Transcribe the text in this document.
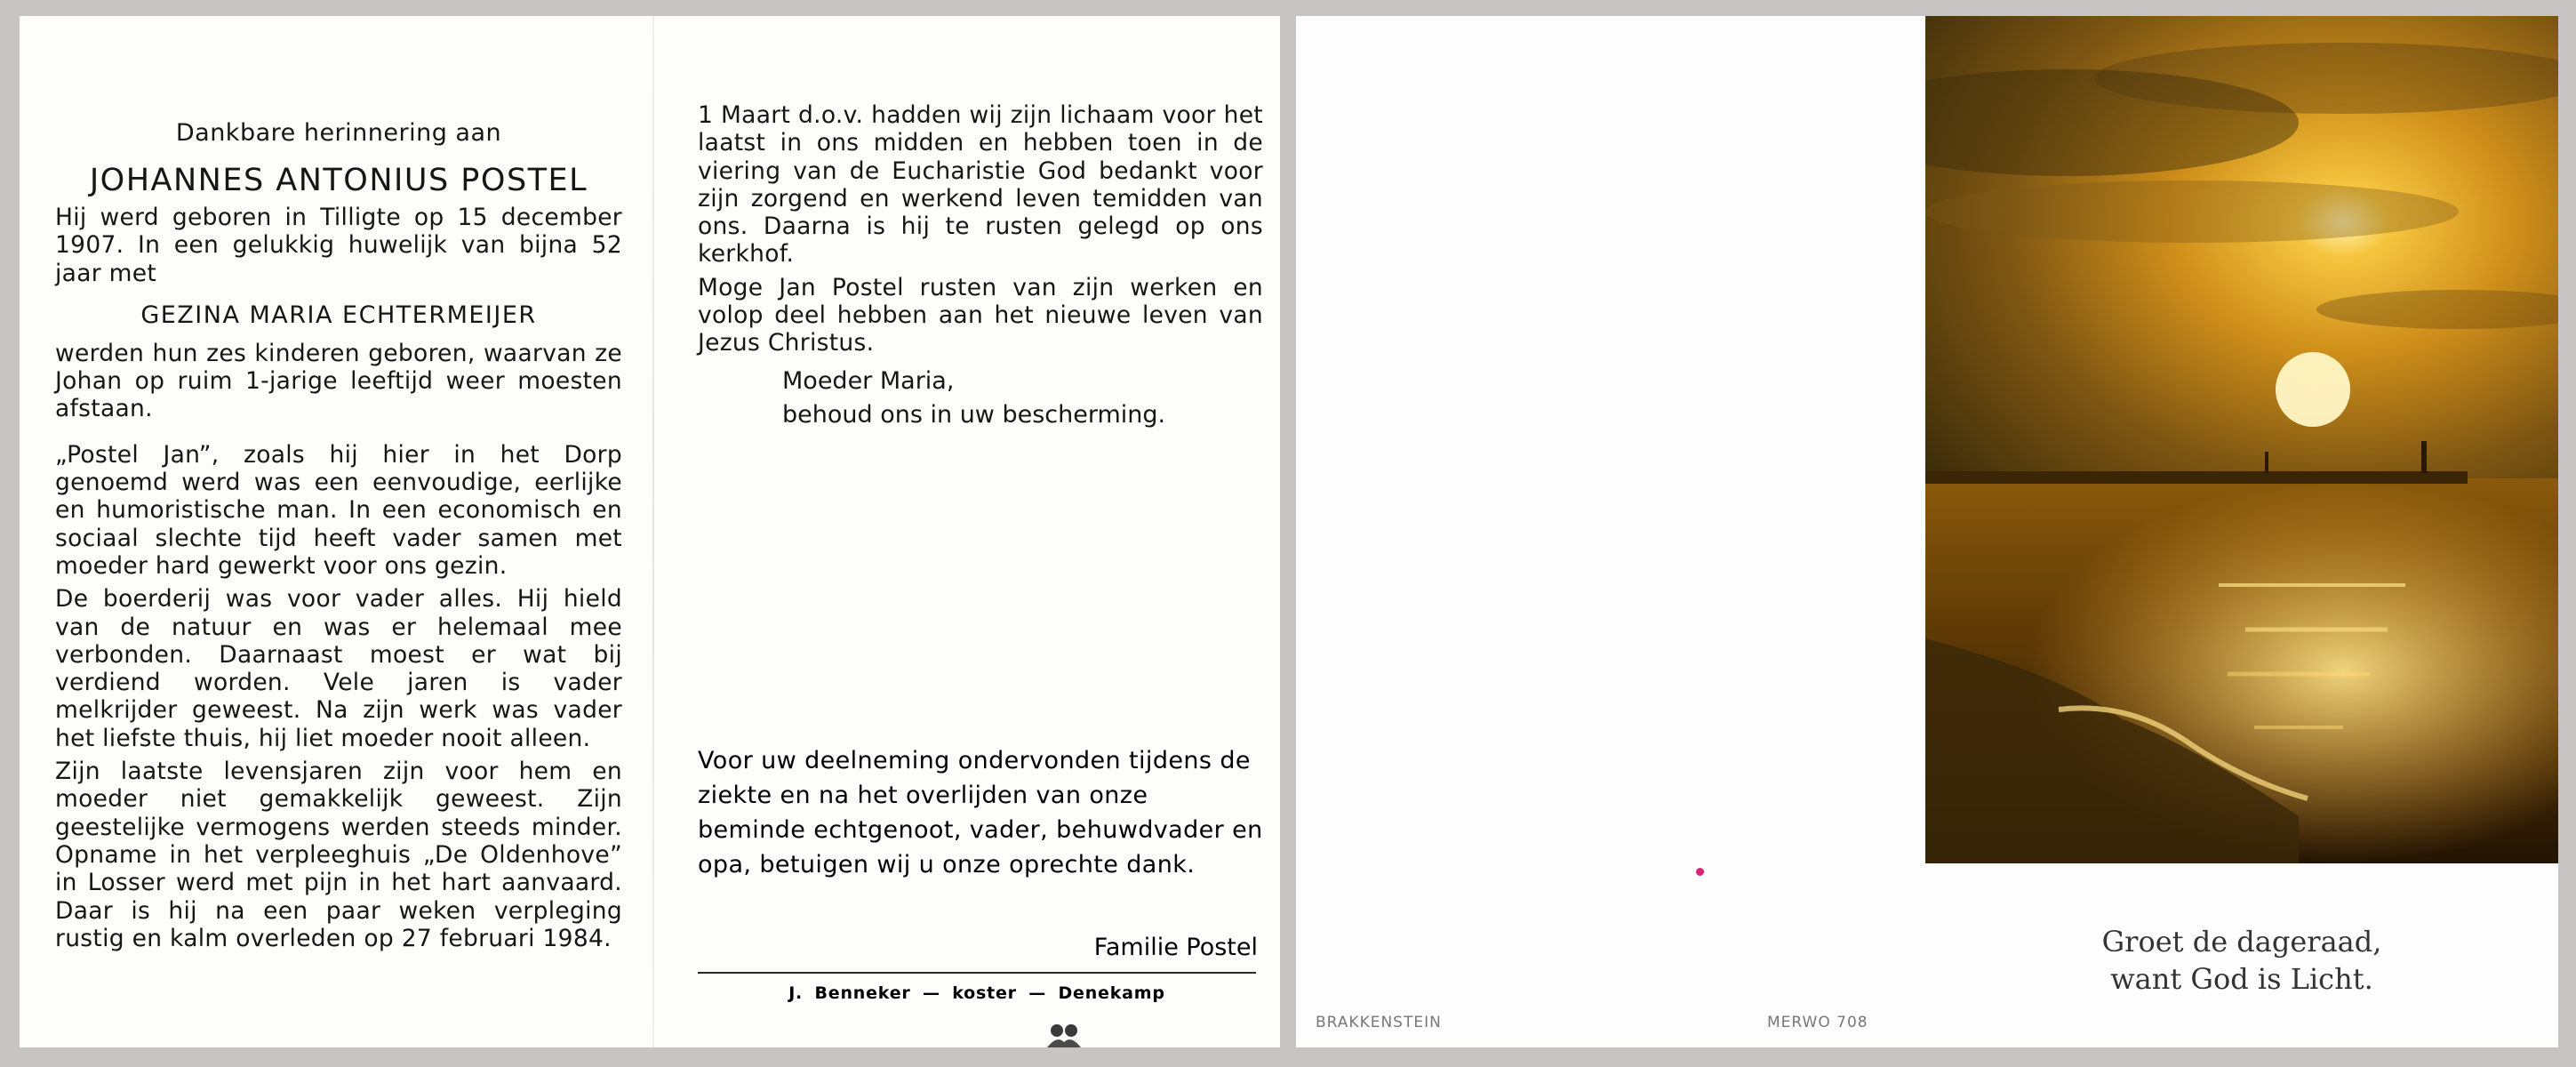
Dankbare herinnering aan
JOHANNES ANTONIUS POSTEL

Hij werd geboren in Tilligte op 15 december 1907. In een gelukkig huwelijk van bijna 52 jaar met

GEZINA MARIA ECHTERMEIJER

werden hun zes kinderen geboren, waarvan ze Johan op ruim 1-jarige leeftijd weer moesten afstaan.

„Postel Jan”, zoals hij hier in het Dorp genoemd werd was een eenvoudige, eerlijke en humoristische man. In een economisch en sociaal slechte tijd heeft vader samen met moeder hard gewerkt voor ons gezin.

De boerderij was voor vader alles. Hij hield van de natuur en was er helemaal mee verbonden. Daarnaast moest er wat bij verdiend worden. Vele jaren is vader melkrijder geweest. Na zijn werk was vader het liefste thuis, hij liet moeder nooit alleen.

Zijn laatste levensjaren zijn voor hem en moeder niet gemakkelijk geweest. Zijn geestelijke vermogens werden steeds minder. Opname in het verpleeghuis „De Oldenhove” in Losser werd met pijn in het hart aanvaard. Daar is hij na een paar weken verpleging rustig en kalm overleden op 27 februari 1984.

1 Maart d.o.v. hadden wij zijn lichaam voor het laatst in ons midden en hebben toen in de viering van de Eucharistie God bedankt voor zijn zorgend en werkend leven temidden van ons. Daarna is hij te rusten gelegd op ons kerkhof.

Moge Jan Postel rusten van zijn werken en volop deel hebben aan het nieuwe leven van Jezus Christus.

Moeder Maria,
behoud ons in uw bescherming.
Voor uw deelneming ondervonden tijdens de ziekte en na het overlijden van onze beminde echtgenoot, vader, behuwdvader en opa, betuigen wij u onze oprechte dank.
Familie Postel
J. Benneker — koster — Denekamp
Groet de dageraad,
want God is Licht.
BRAKKENSTEIN	MERWO 708
